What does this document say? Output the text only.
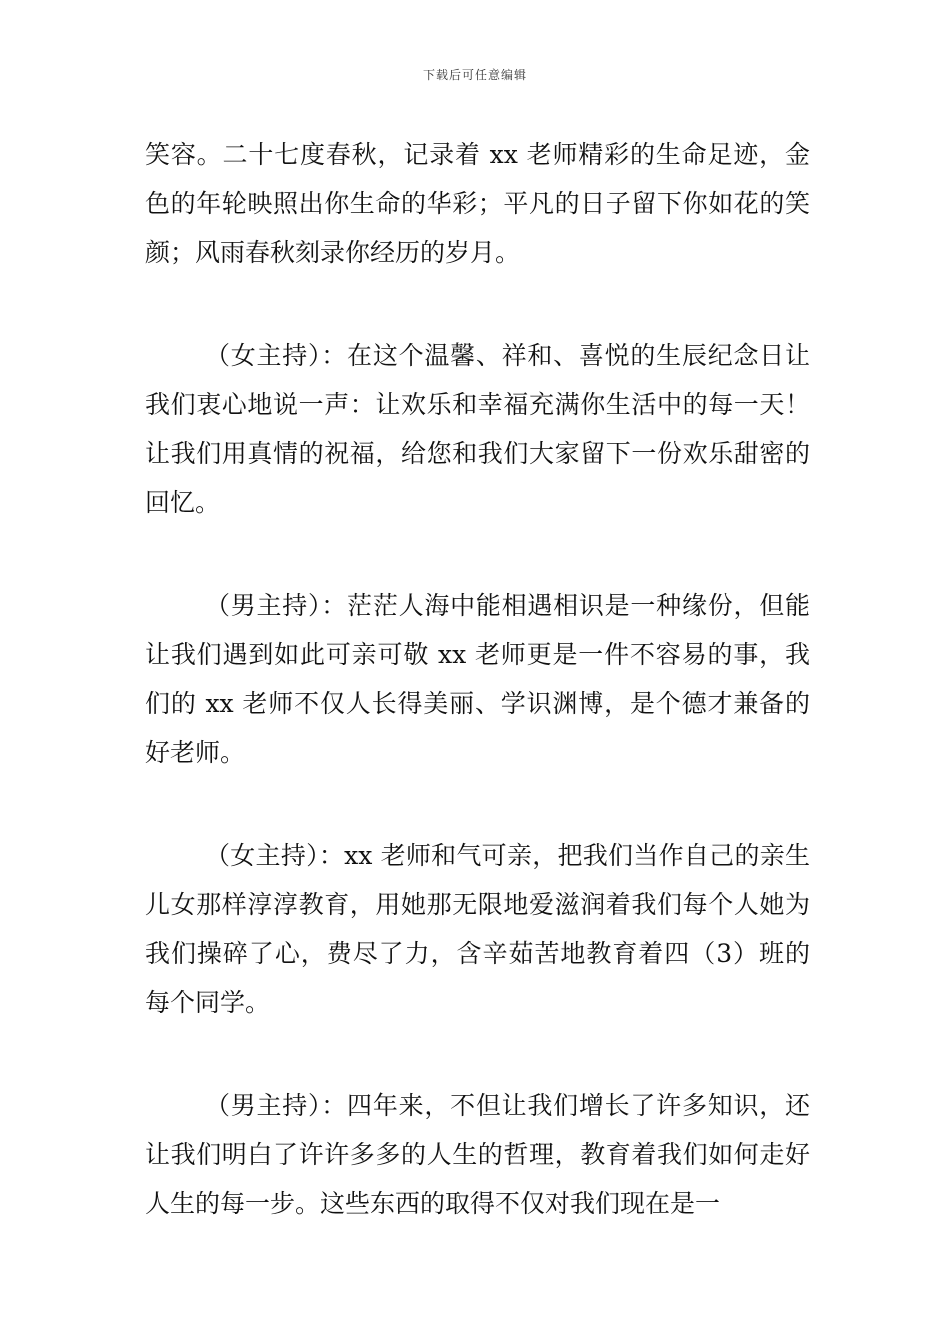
下载后可任意编辑

笑容。二十七度春秋，记录着 xx 老师精彩的生命足迹，金色的年轮映照出你生命的华彩；平凡的日子留下你如花的笑颜；风雨春秋刻录你经历的岁月。

（女主持）：在这个温馨、祥和、喜悦的生辰纪念日让我们衷心地说一声：让欢乐和幸福充满你生活中的每一天！让我们用真情的祝福，给您和我们大家留下一份欢乐甜密的回忆。

（男主持）：茫茫人海中能相遇相识是一种缘份，但能让我们遇到如此可亲可敬 xx 老师更是一件不容易的事，我们的 xx 老师不仅人长得美丽、学识渊博，是个德才兼备的好老师。

（女主持）：xx 老师和气可亲，把我们当作自己的亲生儿女那样淳淳教育，用她那无限地爱滋润着我们每个人她为我们操碎了心，费尽了力，含辛茹苦地教育着四（3）班的每个同学。

（男主持）：四年来，不但让我们增长了许多知识，还让我们明白了许许多多的人生的哲理，教育着我们如何走好人生的每一步。这些东西的取得不仅对我们现在是一
